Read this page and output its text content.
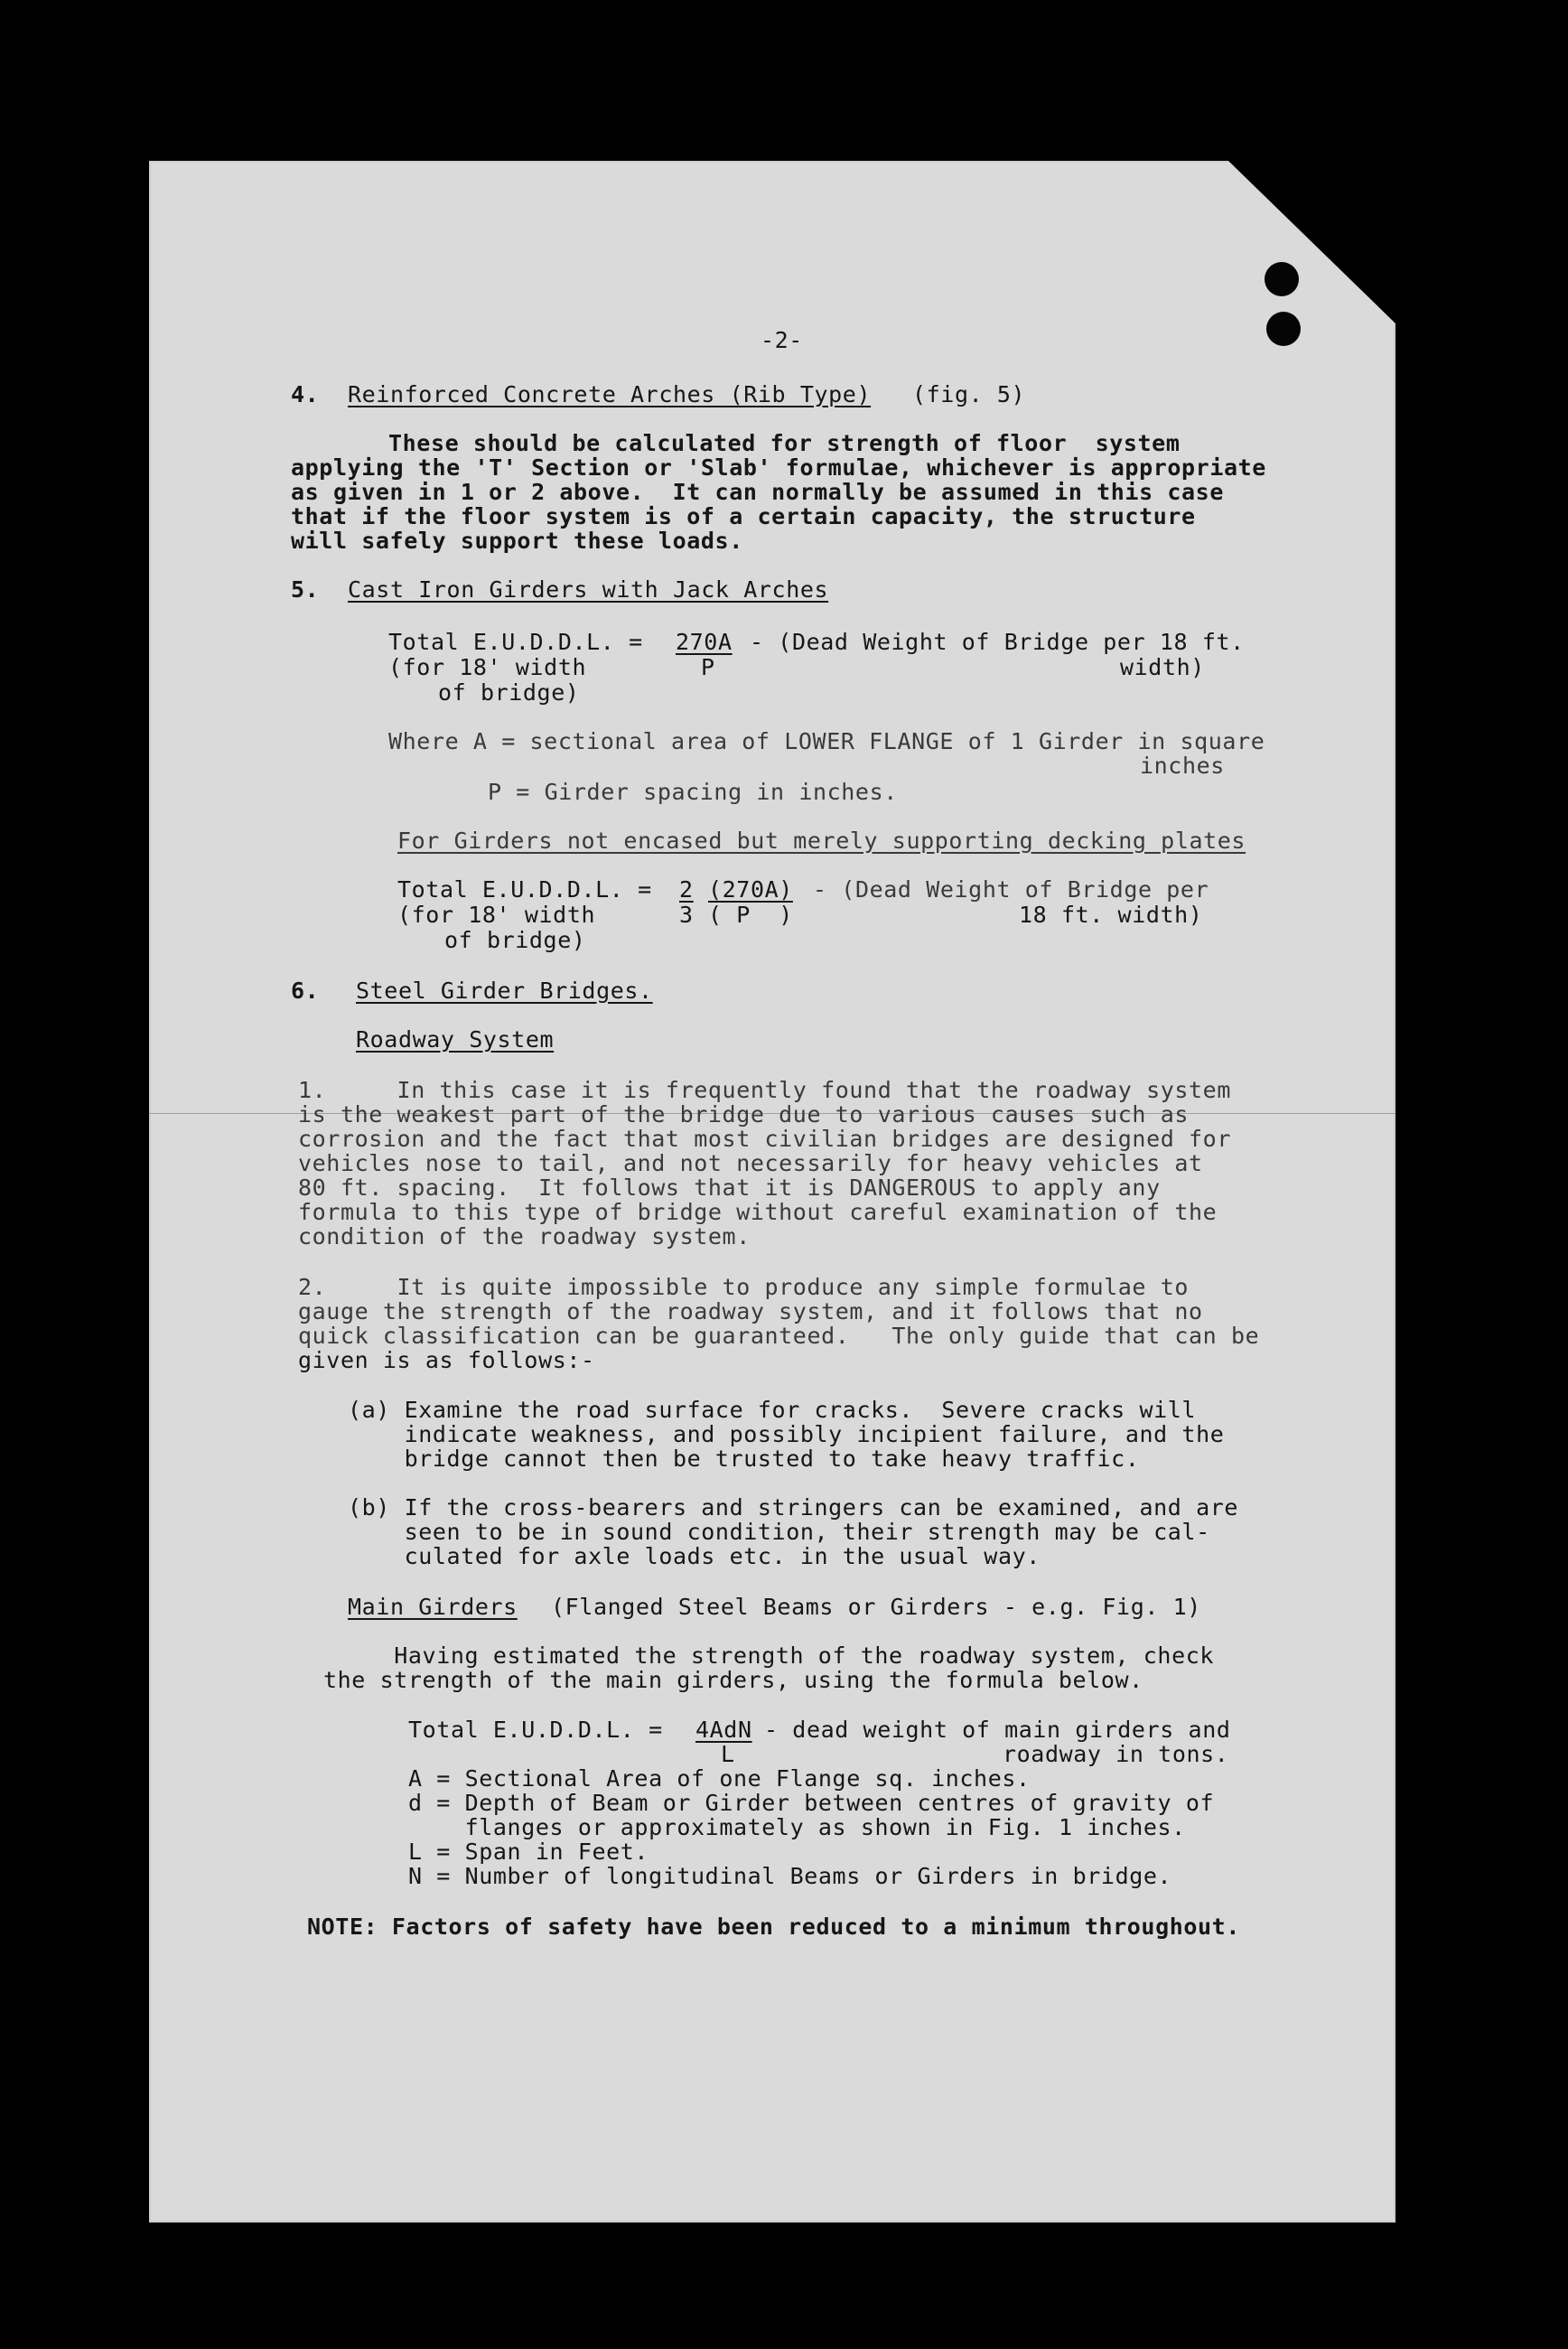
-2-
4. Reinforced Concrete Arches (Rib Type) (fig. 5)
These should be calculated for strength of floor  system
applying the 'T' Section or 'Slab' formulae, whichever is appropriate
as given in 1 or 2 above.  It can normally be assumed in this case
that if the floor system is of a certain capacity, the structure
will safely support these loads.
5. Cast Iron Girders with Jack Arches
Total E.U.D.D.L. = 270A
P
- (Dead Weight of Bridge per 18 ft.
width)
(for 18' width
of bridge)
Where A = sectional area of LOWER FLANGE of 1 Girder in square
inches
P = Girder spacing in inches.
For Girders not encased but merely supporting decking plates
Total E.U.D.D.L. = 2
3
(270A)
( P  )
- (Dead Weight of Bridge per
18 ft. width)
(for 18' width
of bridge)
6. Steel Girder Bridges.
Roadway System
1.     In this case it is frequently found that the roadway system
is the weakest part of the bridge due to various causes such as
corrosion and the fact that most civilian bridges are designed for
vehicles nose to tail, and not necessarily for heavy vehicles at
80 ft. spacing.  It follows that it is DANGEROUS to apply any
formula to this type of bridge without careful examination of the
condition of the roadway system.
2.     It is quite impossible to produce any simple formulae to
gauge the strength of the roadway system, and it follows that no
quick classification can be guaranteed.   The only guide that can be
given is as follows:-
(a) Examine the road surface for cracks.  Severe cracks will
indicate weakness, and possibly incipient failure, and the
bridge cannot then be trusted to take heavy traffic.
(b) If the cross-bearers and stringers can be examined, and are
seen to be in sound condition, their strength may be cal-
culated for axle loads etc. in the usual way.
Main Girders (Flanged Steel Beams or Girders - e.g. Fig. 1)
Having estimated the strength of the roadway system, check
the strength of the main girders, using the formula below.
Total E.U.D.D.L. = 4AdN
L
- dead weight of main girders and
roadway in tons.
A = Sectional Area of one Flange sq. inches.
d = Depth of Beam or Girder between centres of gravity of
flanges or approximately as shown in Fig. 1 inches.
L = Span in Feet.
N = Number of longitudinal Beams or Girders in bridge.
NOTE: Factors of safety have been reduced to a minimum throughout.
